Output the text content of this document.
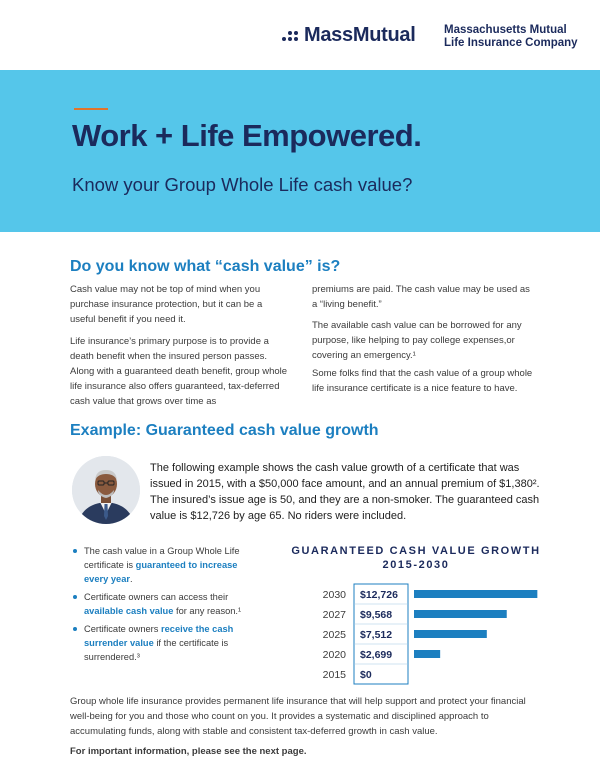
MassMutual Massachusetts Mutual
Life Insurance Company
Work + Life Empowered.
Know your Group Whole Life cash value?
Do you know what “cash value” is?
Cash value may not be top of mind when you purchase insurance protection, but it can be a useful benefit if you need it.
Life insurance’s primary purpose is to provide a death benefit when the insured person passes. Along with a guaranteed death benefit, group whole life insurance also offers guaranteed, tax-deferred cash value that grows over time as
premiums are paid. The cash value may be used as a “living benefit.”
The available cash value can be borrowed for any purpose, like helping to pay college expenses,or covering an emergency.¹
Some folks find that the cash value of a group whole life insurance certificate is a nice feature to have.
Example: Guaranteed cash value growth
The following example shows the cash value growth of a certificate that was issued in 2015, with a $50,000 face amount, and an annual premium of $1,380². The insured’s issue age is 50, and they are a non-smoker. The guaranteed cash value is $12,726 by age 65. No riders were included.
The cash value in a Group Whole Life certificate is guaranteed to increase every year.
Certificate owners can access their available cash value for any reason.¹
Certificate owners receive the cash surrender value if the certificate is surrendered.³
GUARANTEED CASH VALUE GROWTH
2015-2030
2030 $12,726
2027 $9,568
2025 $7,512
2020 $2,699
2015 $0
Group whole life insurance provides permanent life insurance that will help support and protect your financial well-being for you and those who count on you. It provides a systematic and disciplined approach to accumulating funds, along with stable and consistent tax-deferred growth in cash value.
For important information, please see the next page.
